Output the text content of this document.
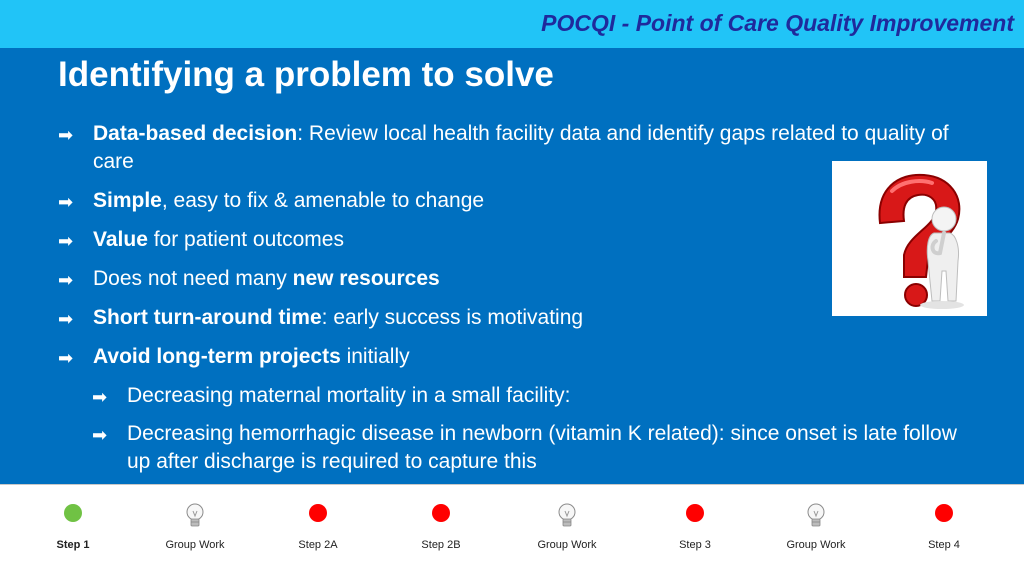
POCQI - Point of Care Quality Improvement
Identifying a problem to solve
➡ Data-based decision: Review local health facility data and identify gaps related to quality of care
➡ Simple, easy to fix & amenable to change
➡ Value for patient outcomes
➡ Does not need many new resources
➡ Short turn-around time: early success is motivating
➡ Avoid long-term projects initially
➡ Decreasing maternal mortality in a small facility:
➡ Decreasing hemorrhagic disease in newborn (vitamin K related): since onset is late follow up after discharge is required to capture this
Step 1	Group Work	Step 2A	Step 2B	Group Work	Step 3	Group Work	Step 4
